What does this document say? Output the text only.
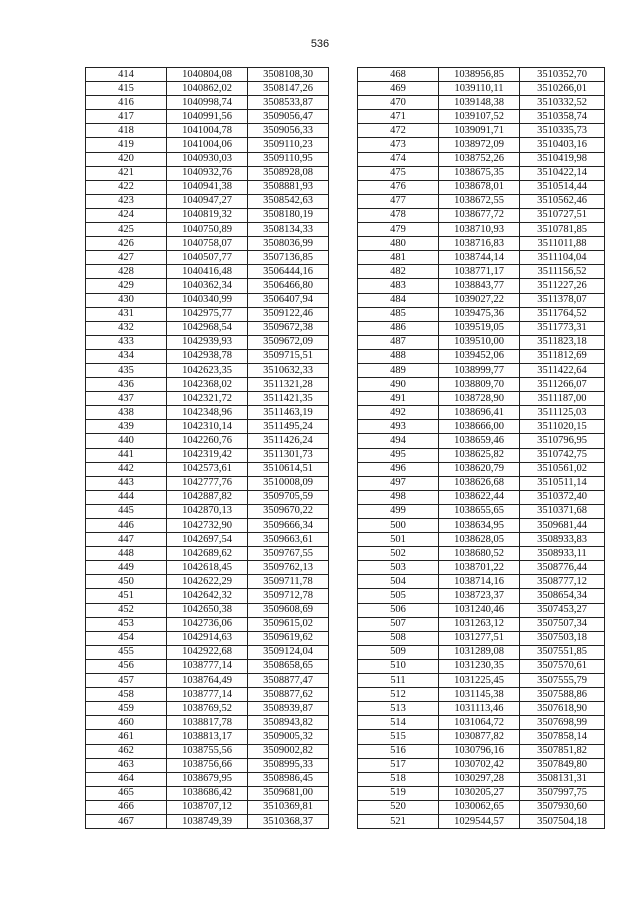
536
414	1040804,08	3508108,30
415	1040862,02	3508147,26
416	1040998,74	3508533,87
417	1040991,56	3509056,47
418	1041004,78	3509056,33
419	1041004,06	3509110,23
420	1040930,03	3509110,95
421	1040932,76	3508928,08
422	1040941,38	3508881,93
423	1040947,27	3508542,63
424	1040819,32	3508180,19
425	1040750,89	3508134,33
426	1040758,07	3508036,99
427	1040507,77	3507136,85
428	1040416,48	3506444,16
429	1040362,34	3506466,80
430	1040340,99	3506407,94
431	1042975,77	3509122,46
432	1042968,54	3509672,38
433	1042939,93	3509672,09
434	1042938,78	3509715,51
435	1042623,35	3510632,33
436	1042368,02	3511321,28
437	1042321,72	3511421,35
438	1042348,96	3511463,19
439	1042310,14	3511495,24
440	1042260,76	3511426,24
441	1042319,42	3511301,73
442	1042573,61	3510614,51
443	1042777,76	3510008,09
444	1042887,82	3509705,59
445	1042870,13	3509670,22
446	1042732,90	3509666,34
447	1042697,54	3509663,61
448	1042689,62	3509767,55
449	1042618,45	3509762,13
450	1042622,29	3509711,78
451	1042642,32	3509712,78
452	1042650,38	3509608,69
453	1042736,06	3509615,02
454	1042914,63	3509619,62
455	1042922,68	3509124,04
456	1038777,14	3508658,65
457	1038764,49	3508877,47
458	1038777,14	3508877,62
459	1038769,52	3508939,87
460	1038817,78	3508943,82
461	1038813,17	3509005,32
462	1038755,56	3509002,82
463	1038756,66	3508995,33
464	1038679,95	3508986,45
465	1038686,42	3509681,00
466	1038707,12	3510369,81
467	1038749,39	3510368,37
468	1038956,85	3510352,70
469	1039110,11	3510266,01
470	1039148,38	3510332,52
471	1039107,52	3510358,74
472	1039091,71	3510335,73
473	1038972,09	3510403,16
474	1038752,26	3510419,98
475	1038675,35	3510422,14
476	1038678,01	3510514,44
477	1038672,55	3510562,46
478	1038677,72	3510727,51
479	1038710,93	3510781,85
480	1038716,83	3511011,88
481	1038744,14	3511104,04
482	1038771,17	3511156,52
483	1038843,77	3511227,26
484	1039027,22	3511378,07
485	1039475,36	3511764,52
486	1039519,05	3511773,31
487	1039510,00	3511823,18
488	1039452,06	3511812,69
489	1038999,77	3511422,64
490	1038809,70	3511266,07
491	1038728,90	3511187,00
492	1038696,41	3511125,03
493	1038666,00	3511020,15
494	1038659,46	3510796,95
495	1038625,82	3510742,75
496	1038620,79	3510561,02
497	1038626,68	3510511,14
498	1038622,44	3510372,40
499	1038655,65	3510371,68
500	1038634,95	3509681,44
501	1038628,05	3508933,83
502	1038680,52	3508933,11
503	1038701,22	3508776,44
504	1038714,16	3508777,12
505	1038723,37	3508654,34
506	1031240,46	3507453,27
507	1031263,12	3507507,34
508	1031277,51	3507503,18
509	1031289,08	3507551,85
510	1031230,35	3507570,61
511	1031225,45	3507555,79
512	1031145,38	3507588,86
513	1031113,46	3507618,90
514	1031064,72	3507698,99
515	1030877,82	3507858,14
516	1030796,16	3507851,82
517	1030702,42	3507849,80
518	1030297,28	3508131,31
519	1030205,27	3507997,75
520	1030062,65	3507930,60
521	1029544,57	3507504,18
